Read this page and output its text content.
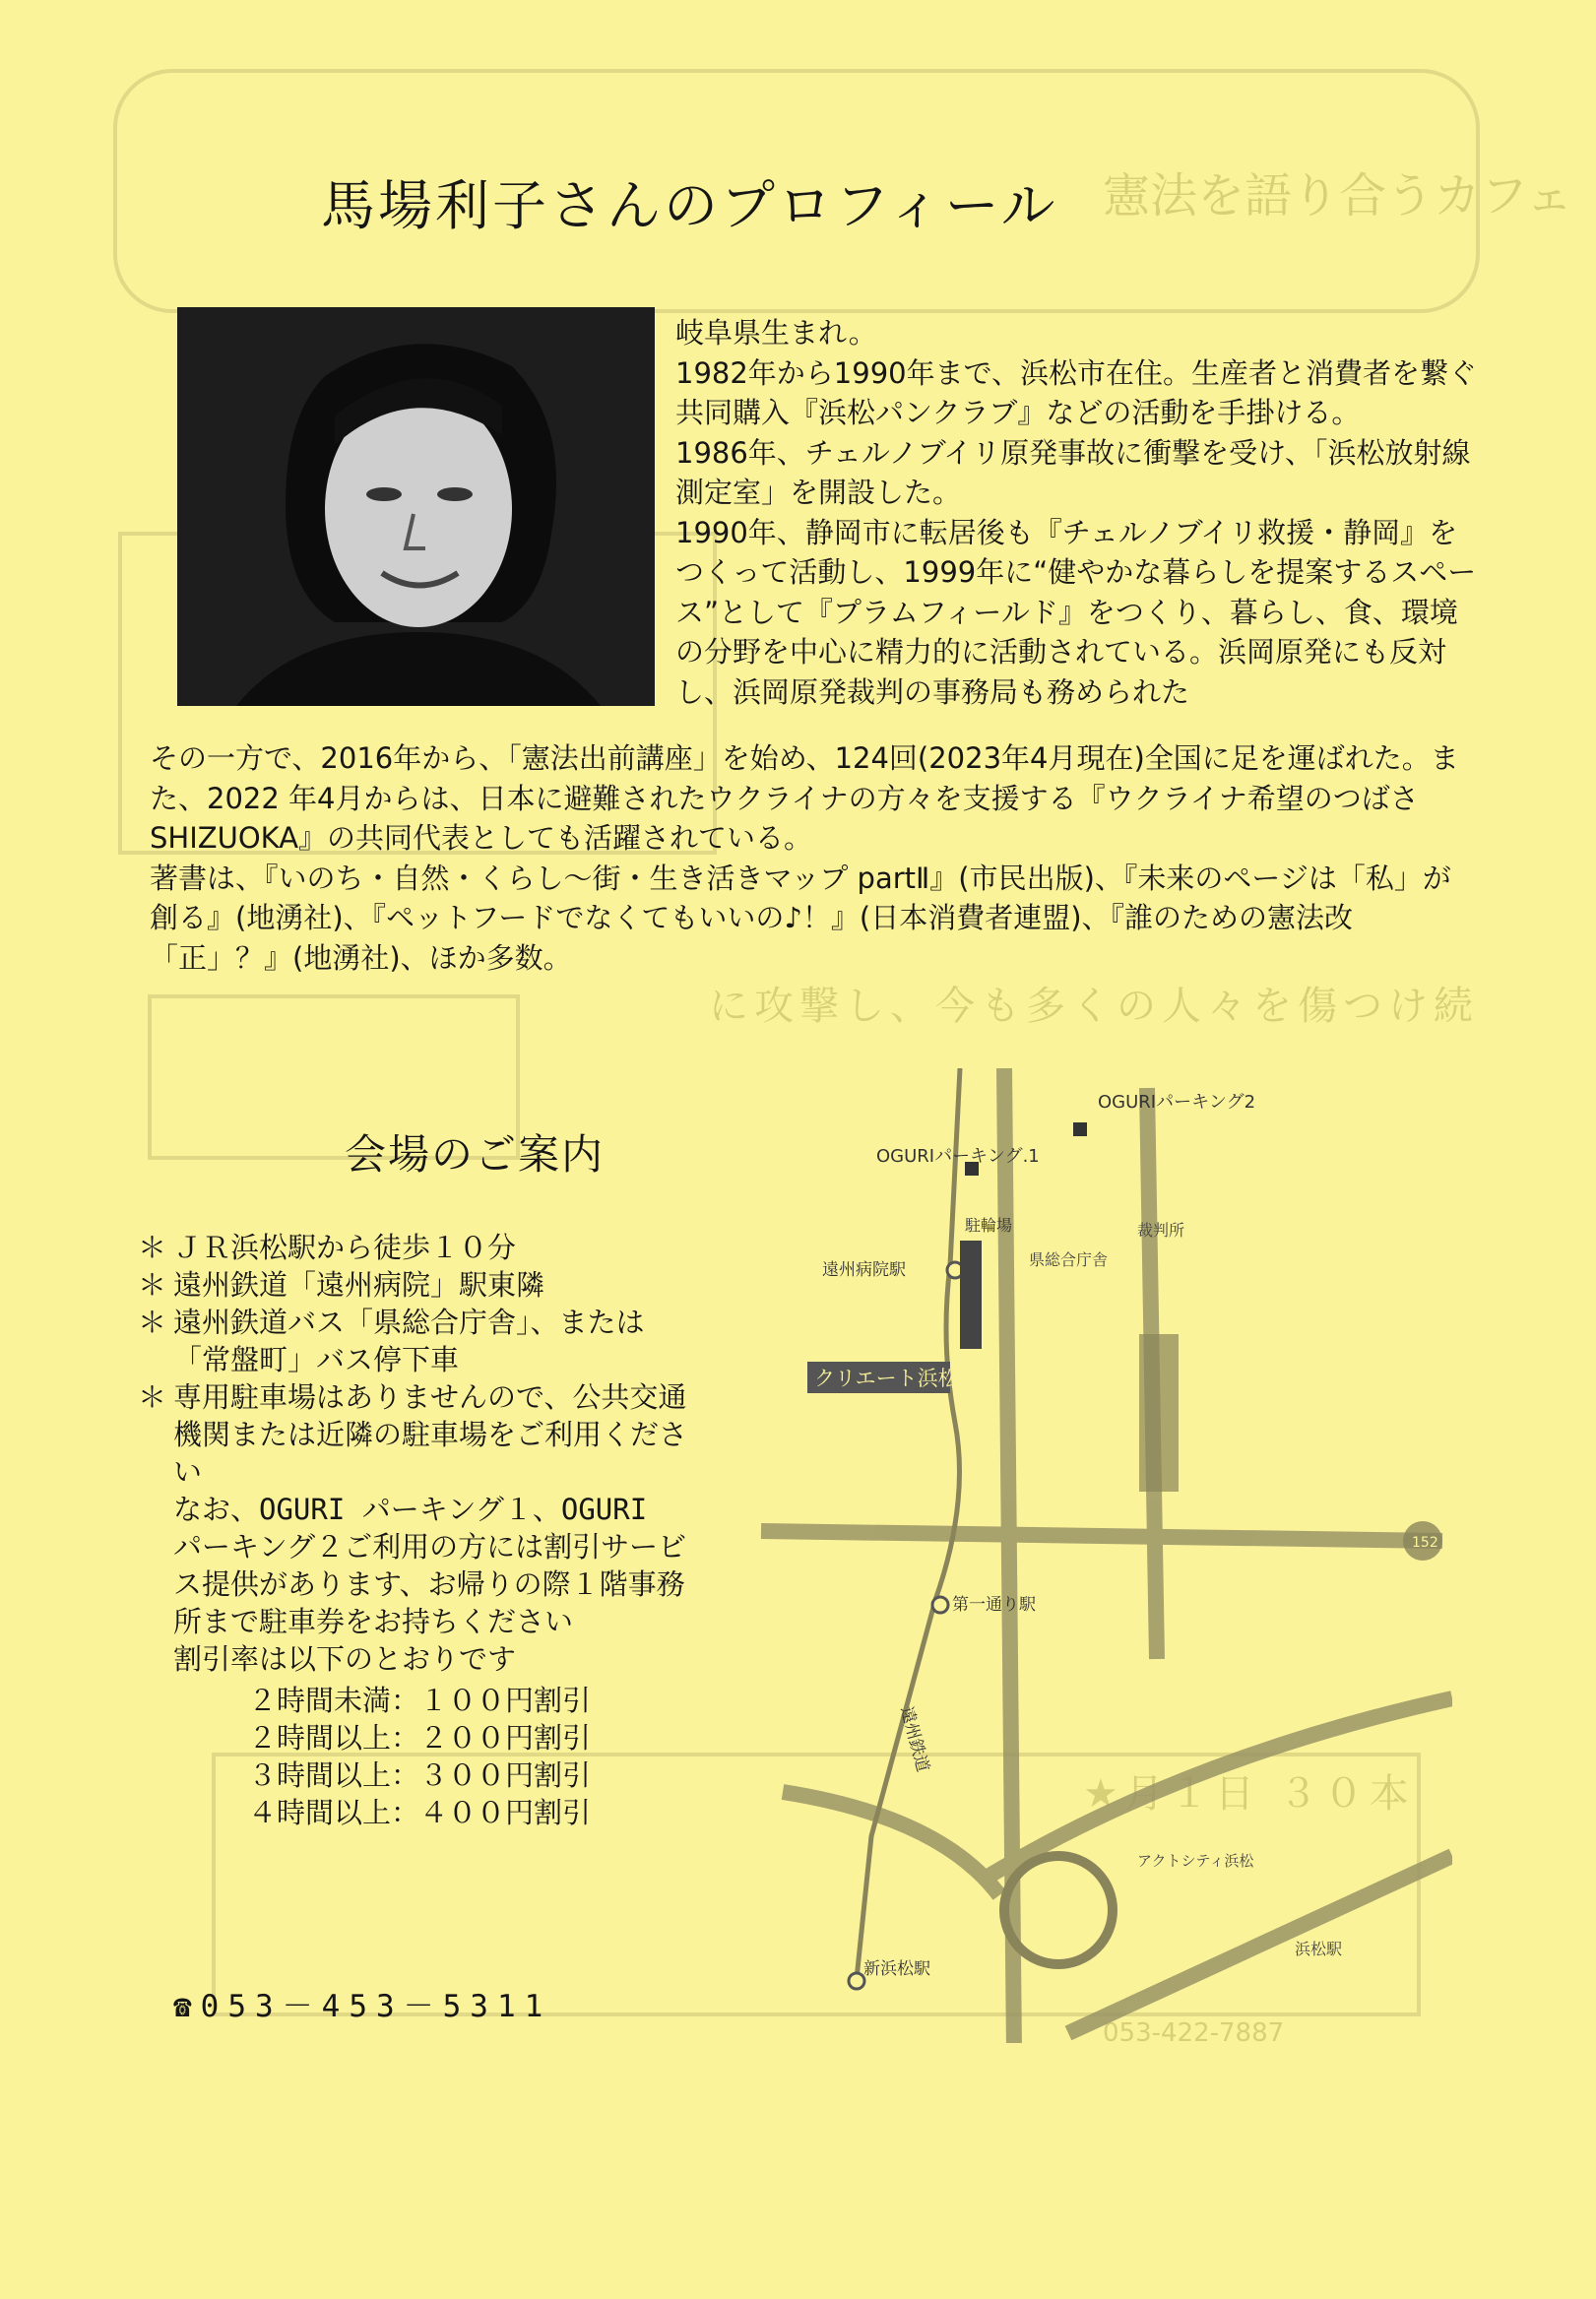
憲法を語り合うカフェ
に攻撃し、今も多くの人々を傷つけ続
★月１日 ３０本
053-422-7887
馬場利子さんのプロフィール

岐阜県生まれ。

1982年から1990年まで、浜松市在住。生産者と消費者を繋ぐ共同購入『浜松パンクラブ』などの活動を手掛ける。

1986年、チェルノブイリ原発事故に衝撃を受け、「浜松放射線測定室」を開設した。

1990年、静岡市に転居後も『チェルノブイリ救援・静岡』をつくって活動し、1999年に“健やかな暮らしを提案するスペース”として『プラムフィールド』をつくり、暮らし、食、環境の分野を中心に精力的に活動されている。浜岡原発にも反対し、浜岡原発裁判の事務局も務められた

その一方で、2016年から、「憲法出前講座」を始め、124回(2023年4月現在)全国に足を運ばれた。また、2022 年4月からは、日本に避難されたウクライナの方々を支援する『ウクライナ希望のつばさSHIZUOKA』の共同代表としても活躍されている。

著書は、『いのち・自然・くらし～街・生き活きマップ partⅡ』(市民出版)、『未来のページは「私」が創る』(地湧社)、『ペットフードでなくてもいいの♪！』(日本消費者連盟)、『誰のための憲法改「正」？』(地湧社)、ほか多数。

会場のご案内

＊ ＪＲ浜松駅から徒歩１０分

＊ 遠州鉄道「遠州病院」駅東隣

＊ 遠州鉄道バス「県総合庁舎」、または「常盤町」バス停下車

＊ 専用駐車場はありませんので、公共交通機関または近隣の駐車場をご利用ください
なお、OGURI パーキング１、OGURI パーキング２ご利用の方には割引サービス提供があります、お帰りの際１階事務所まで駐車券をお持ちください
割引率は以下のとおりです
２時間未満：１００円割引
２時間以上：２００円割引
３時間以上：３００円割引
４時間以上：４００円割引
☎053－453－5311
OGURIパーキング2
OGURIパーキング.1
駐輪場
遠州病院駅
県総合庁舎
裁判所
クリエート浜松
第一通り駅
遠州鉄道
新浜松駅
152
浜松駅
アクトシティ浜松
